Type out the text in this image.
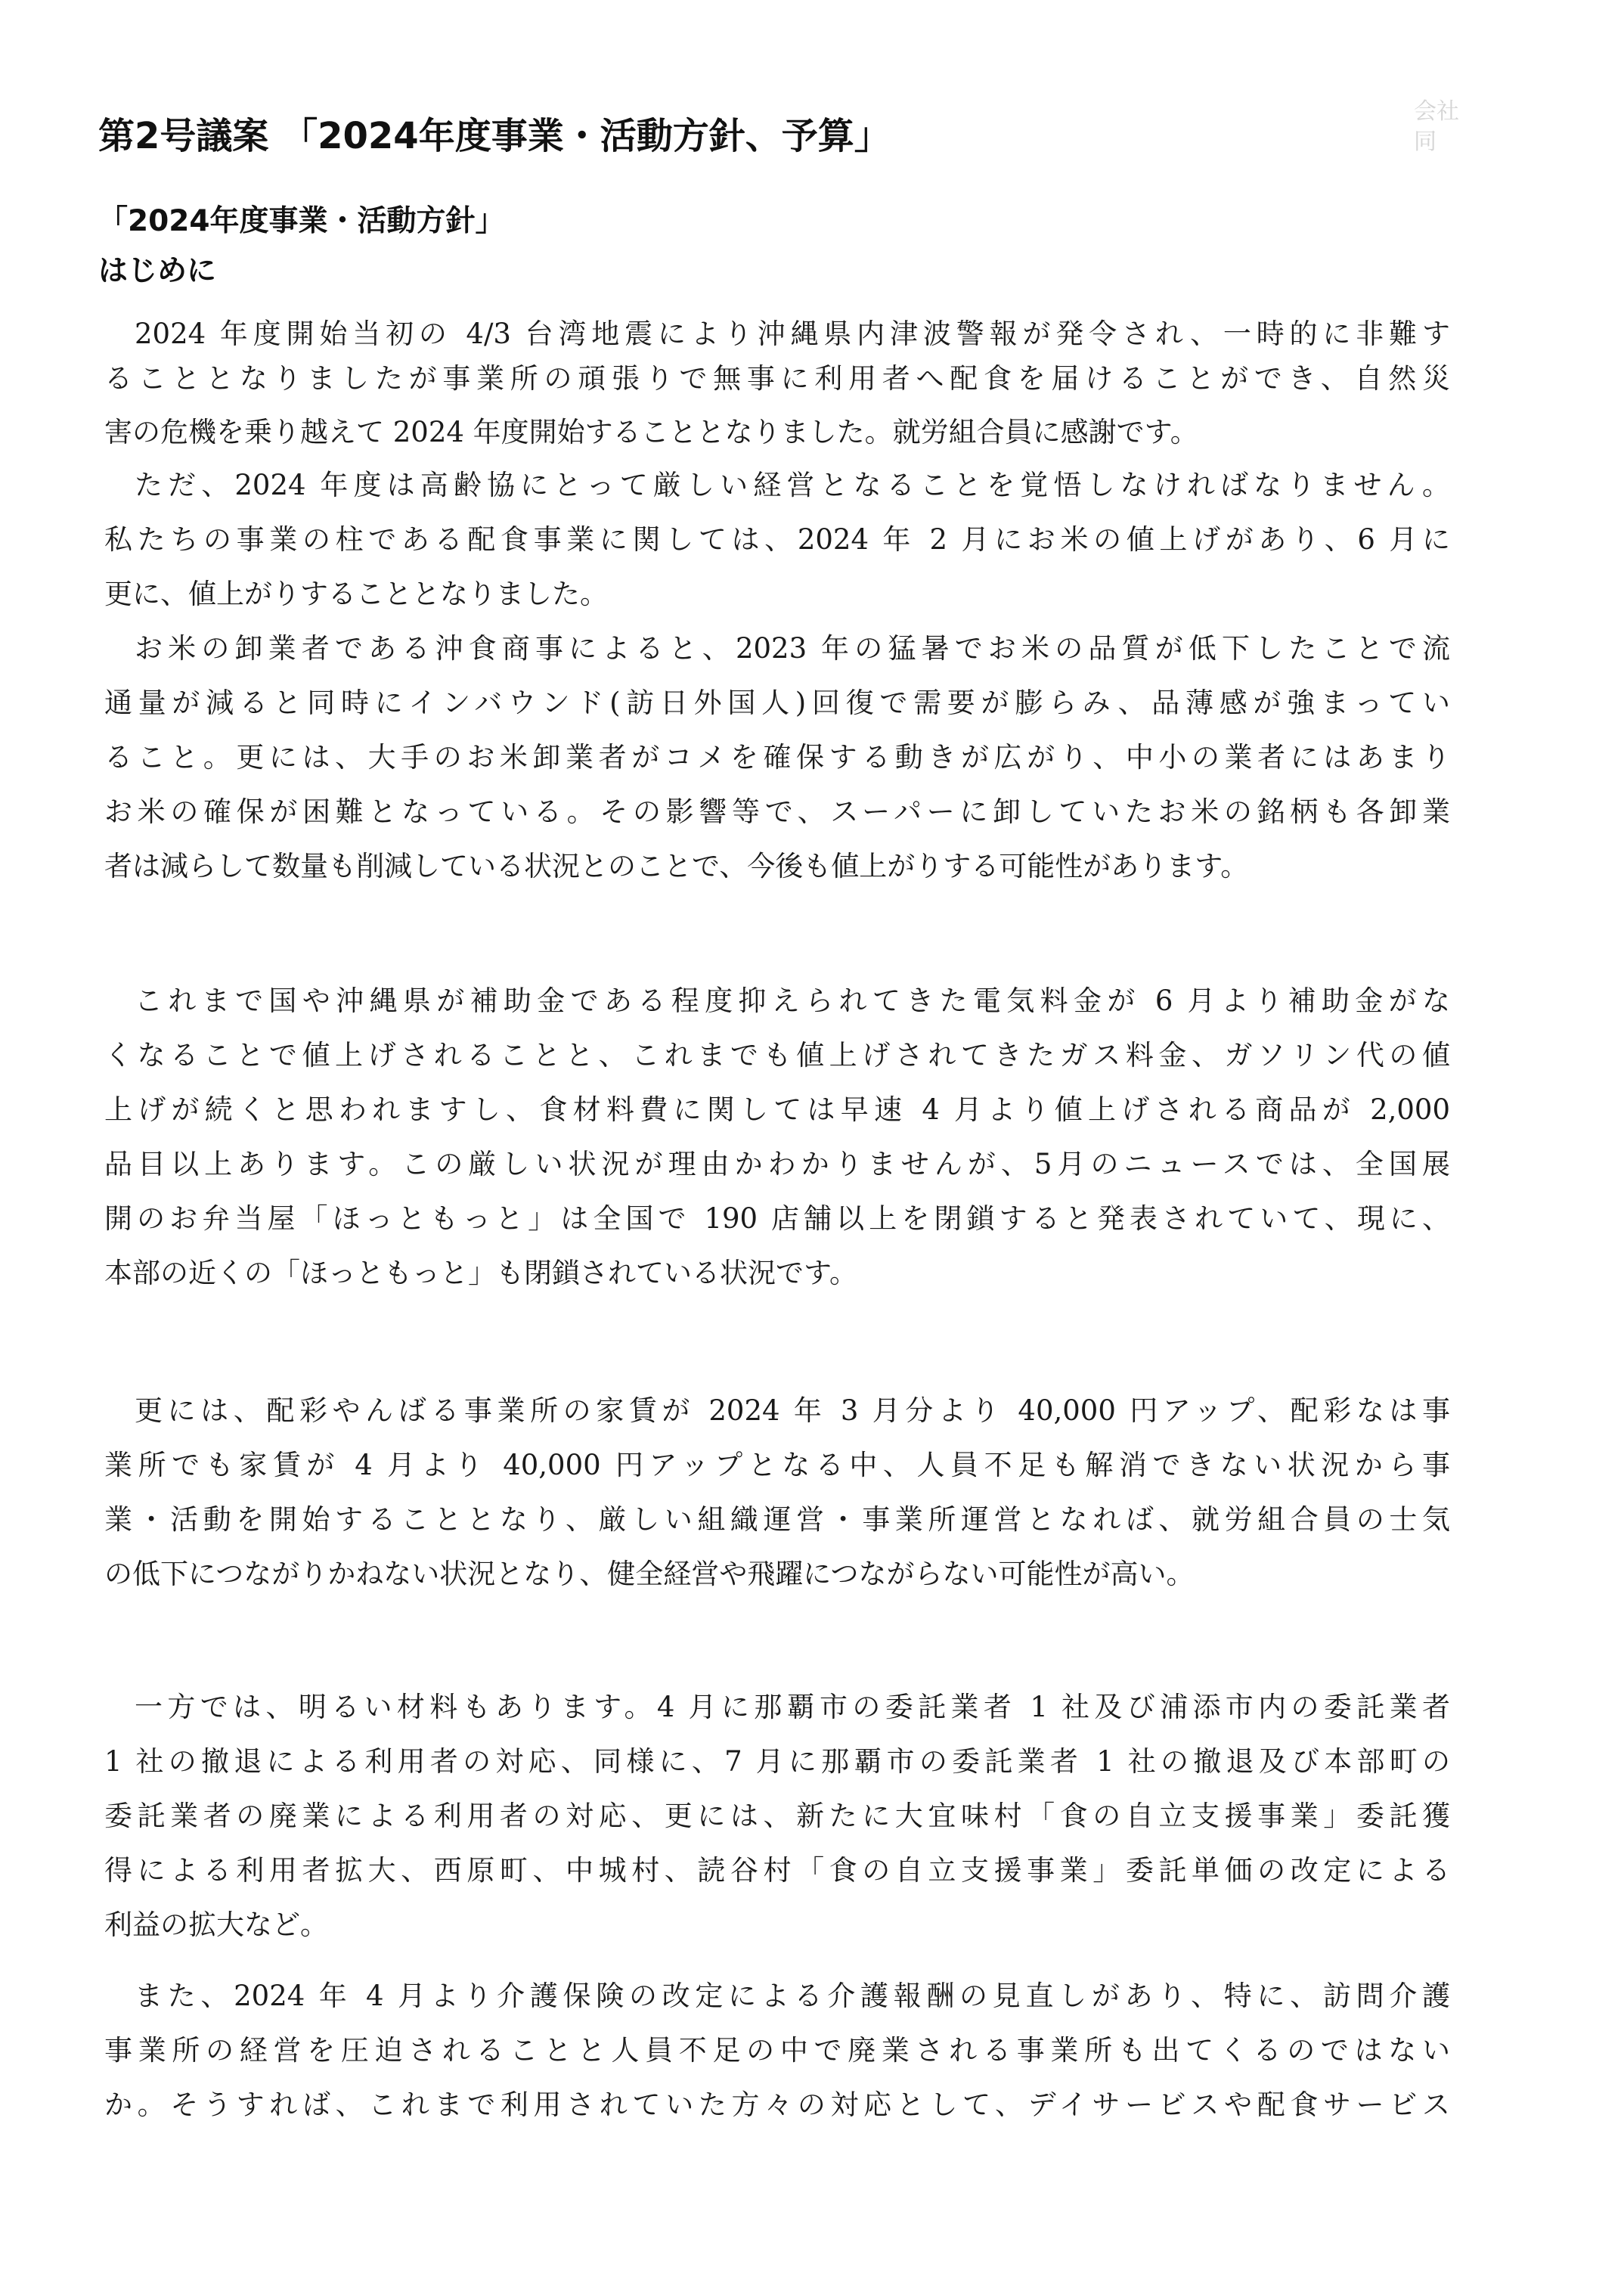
会社
同
第2号議案 「2024年度事業・活動方針、予算」
「2024年度事業・活動方針」
はじめに

2024 年度開始当初の 4/3 台湾地震により沖縄県内津波警報が発令され、一時的に非難す

ることとなりましたが事業所の頑張りで無事に利用者へ配食を届けることができ、自然災

害の危機を乗り越えて 2024 年度開始することとなりました。就労組合員に感謝です。

ただ、2024 年度は高齢協にとって厳しい経営となることを覚悟しなければなりません。

私たちの事業の柱である配食事業に関しては、2024 年 2 月にお米の値上げがあり、6 月に

更に、値上がりすることとなりました。

お米の卸業者である沖食商事によると、2023 年の猛暑でお米の品質が低下したことで流

通量が減ると同時にインバウンド(訪日外国人)回復で需要が膨らみ、品薄感が強まってい

ること。更には、大手のお米卸業者がコメを確保する動きが広がり、中小の業者にはあまり

お米の確保が困難となっている。その影響等で、スーパーに卸していたお米の銘柄も各卸業

者は減らして数量も削減している状況とのことで、今後も値上がりする可能性があります。

これまで国や沖縄県が補助金である程度抑えられてきた電気料金が 6 月より補助金がな

くなることで値上げされることと、これまでも値上げされてきたガス料金、ガソリン代の値

上げが続くと思われますし、食材料費に関しては早速 4 月より値上げされる商品が 2,000

品目以上あります。この厳しい状況が理由かわかりませんが、5月のニュースでは、全国展

開のお弁当屋「ほっともっと」は全国で 190 店舗以上を閉鎖すると発表されていて、現に、

本部の近くの「ほっともっと」も閉鎖されている状況です。

更には、配彩やんばる事業所の家賃が 2024 年 3 月分より 40,000 円アップ、配彩なは事

業所でも家賃が 4 月より 40,000 円アップとなる中、人員不足も解消できない状況から事

業・活動を開始することとなり、厳しい組織運営・事業所運営となれば、就労組合員の士気

の低下につながりかねない状況となり、健全経営や飛躍につながらない可能性が高い。

一方では、明るい材料もあります。4 月に那覇市の委託業者 1 社及び浦添市内の委託業者

1 社の撤退による利用者の対応、同様に、7 月に那覇市の委託業者 1 社の撤退及び本部町の

委託業者の廃業による利用者の対応、更には、新たに大宜味村「食の自立支援事業」委託獲

得による利用者拡大、西原町、中城村、読谷村「食の自立支援事業」委託単価の改定による

利益の拡大など。

また、2024 年 4 月より介護保険の改定による介護報酬の見直しがあり、特に、訪問介護

事業所の経営を圧迫されることと人員不足の中で廃業される事業所も出てくるのではない

か。そうすれば、これまで利用されていた方々の対応として、デイサービスや配食サービス
